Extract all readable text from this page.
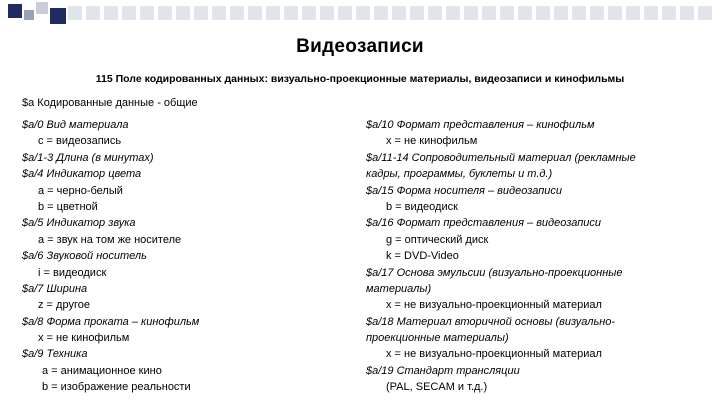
Видеозаписи
115 Поле кодированных данных: визуально-проекционные материалы, видеозаписи и кинофильмы
$a Кодированные данные - общие
$a/0 Вид материала
c = видеозапись
$a/1-3 Длина (в минутах)
$a/4 Индикатор цвета
a = черно-белый
b = цветной
$a/5 Индикатор звука
a = звук на том же носителе
$a/6 Звуковой носитель
i = видеодиск
$a/7 Ширина
z = другое
$a/8 Форма проката – кинофильм
x = не кинофильм
$a/9 Техника
a = анимационное кино
b = изображение реальности
$a/10 Формат представления – кинофильм
x = не кинофильм
$a/11-14 Сопроводительный материал (рекламные
кадры, программы, буклеты и т.д.)
$a/15 Форма носителя – видеозаписи
b = видеодиск
$a/16 Формат представления – видеозаписи
g = оптический диск
k = DVD-Video
$a/17 Основа эмульсии (визуально-проекционные
материалы)
x = не визуально-проекционный материал
$a/18 Материал вторичной основы (визуально-
проекционные материалы)
x = не визуально-проекционный материал
$a/19 Стандарт трансляции
(PAL, SECAM и т.д.)
